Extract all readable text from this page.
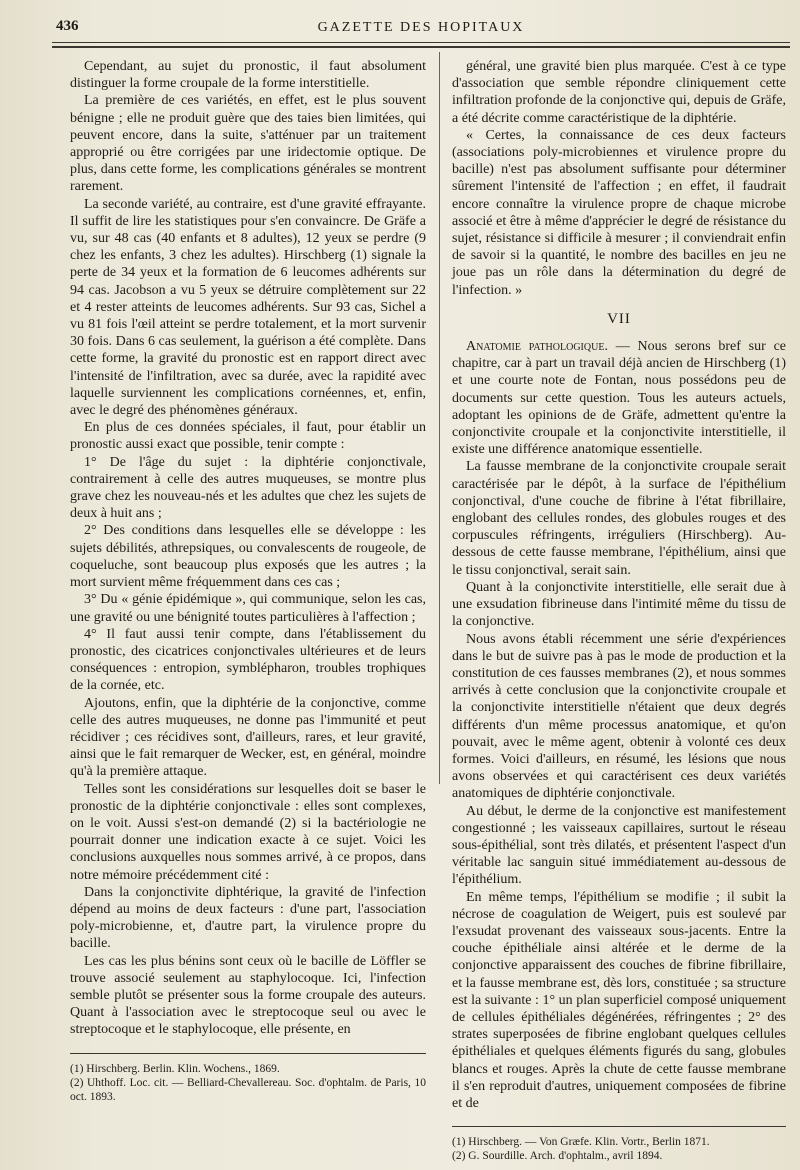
436	GAZETTE DES HOPITAUX

Cependant, au sujet du pronostic, il faut absolument distinguer la forme croupale de la forme interstitielle.

La première de ces variétés, en effet, est le plus souvent bénigne ; elle ne produit guère que des taies bien limitées, qui peuvent encore, dans la suite, s'atténuer par un traitement approprié ou être corrigées par une iridectomie optique. De plus, dans cette forme, les complications générales se montrent rarement.

La seconde variété, au contraire, est d'une gravité effrayante. Il suffit de lire les statistiques pour s'en convaincre. De Gräfe a vu, sur 48 cas (40 enfants et 8 adultes), 12 yeux se perdre (9 chez les enfants, 3 chez les adultes). Hirschberg (1) signale la perte de 34 yeux et la formation de 6 leucomes adhérents sur 94 cas. Jacobson a vu 5 yeux se détruire complètement sur 22 et 4 rester atteints de leucomes adhérents. Sur 93 cas, Sichel a vu 81 fois l'œil atteint se perdre totalement, et la mort survenir 30 fois. Dans 6 cas seulement, la guérison a été complète. Dans cette forme, la gravité du pronostic est en rapport direct avec l'intensité de l'infiltration, avec sa durée, avec la rapidité avec laquelle surviennent les complications cornéennes, et, enfin, avec le degré des phénomènes généraux.

En plus de ces données spéciales, il faut, pour établir un pronostic aussi exact que possible, tenir compte :

1° De l'âge du sujet : la diphtérie conjonctivale, contrairement à celle des autres muqueuses, se montre plus grave chez les nouveau-nés et les adultes que chez les sujets de deux à huit ans ;

2° Des conditions dans lesquelles elle se développe : les sujets débilités, athrepsiques, ou convalescents de rougeole, de coqueluche, sont beaucoup plus exposés que les autres ; la mort survient même fréquemment dans ces cas ;

3° Du « génie épidémique », qui communique, selon les cas, une gravité ou une bénignité toutes particulières à l'affection ;

4° Il faut aussi tenir compte, dans l'établissement du pronostic, des cicatrices conjonctivales ultérieures et de leurs conséquences : entropion, symblépharon, troubles trophiques de la cornée, etc.

Ajoutons, enfin, que la diphtérie de la conjonctive, comme celle des autres muqueuses, ne donne pas l'immunité et peut récidiver ; ces récidives sont, d'ailleurs, rares, et leur gravité, ainsi que le fait remarquer de Wecker, est, en général, moindre qu'à la première attaque.

Telles sont les considérations sur lesquelles doit se baser le pronostic de la diphtérie conjonctivale : elles sont complexes, on le voit. Aussi s'est-on demandé (2) si la bactériologie ne pourrait donner une indication exacte à ce sujet. Voici les conclusions auxquelles nous sommes arrivé, à ce propos, dans notre mémoire précédemment cité :

Dans la conjonctivite diphtérique, la gravité de l'infection dépend au moins de deux facteurs : d'une part, l'association poly-microbienne, et, d'autre part, la virulence propre du bacille.

Les cas les plus bénins sont ceux où le bacille de Löffler se trouve associé seulement au staphylocoque. Ici, l'infection semble plutôt se présenter sous la forme croupale des auteurs. Quant à l'association avec le streptocoque seul ou avec le streptocoque et le staphylocoque, elle présente, en

(1) Hirschberg. Berlin. Klin. Wochens., 1869.

(2) Uhthoff. Loc. cit. — Belliard-Chevallereau. Soc. d'ophtalm. de Paris, 10 oct. 1893.

général, une gravité bien plus marquée. C'est à ce type d'association que semble répondre cliniquement cette infiltration profonde de la conjonctive qui, depuis de Gräfe, a été décrite comme caractéristique de la diphtérie.

« Certes, la connaissance de ces deux facteurs (associations poly-microbiennes et virulence propre du bacille) n'est pas absolument suffisante pour déterminer sûrement l'intensité de l'affection ; en effet, il faudrait encore connaître la virulence propre de chaque microbe associé et être à même d'apprécier le degré de résistance du sujet, résistance si difficile à mesurer ; il conviendrait enfin de savoir si la quantité, le nombre des bacilles en jeu ne joue pas un rôle dans la détermination du degré de l'infection. »

VII

Anatomie pathologique. — Nous serons bref sur ce chapitre, car à part un travail déjà ancien de Hirschberg (1) et une courte note de Fontan, nous possédons peu de documents sur cette question. Tous les auteurs actuels, adoptant les opinions de de Gräfe, admettent qu'entre la conjonctivite croupale et la conjonctivite interstitielle, il existe une différence anatomique essentielle.

La fausse membrane de la conjonctivite croupale serait caractérisée par le dépôt, à la surface de l'épithélium conjonctival, d'une couche de fibrine à l'état fibrillaire, englobant des cellules rondes, des globules rouges et des corpuscules réfringents, irréguliers (Hirschberg). Au-dessous de cette fausse membrane, l'épithélium, ainsi que le tissu conjonctival, serait sain.

Quant à la conjonctivite interstitielle, elle serait due à une exsudation fibrineuse dans l'intimité même du tissu de la conjonctive.

Nous avons établi récemment une série d'expériences dans le but de suivre pas à pas le mode de production et la constitution de ces fausses membranes (2), et nous sommes arrivés à cette conclusion que la conjonctivite croupale et la conjonctivite interstitielle n'étaient que deux degrés différents d'un même processus anatomique, et qu'on pouvait, avec le même agent, obtenir à volonté ces deux formes. Voici d'ailleurs, en résumé, les lésions que nous avons observées et qui caractérisent ces deux variétés anatomiques de diphtérie conjonctivale.

Au début, le derme de la conjonctive est manifestement congestionné ; les vaisseaux capillaires, surtout le réseau sous-épithélial, sont très dilatés, et présentent l'aspect d'un véritable lac sanguin situé immédiatement au-dessous de l'épithélium.

En même temps, l'épithélium se modifie ; il subit la nécrose de coagulation de Weigert, puis est soulevé par l'exsudat provenant des vaisseaux sous-jacents. Entre la couche épithéliale ainsi altérée et le derme de la conjonctive apparaissent des couches de fibrine fibrillaire, et la fausse membrane est, dès lors, constituée ; sa structure est la suivante : 1° un plan superficiel composé uniquement de cellules épithéliales dégénérées, réfringentes ; 2° des strates superposées de fibrine englobant quelques cellules épithéliales et quelques éléments figurés du sang, globules blancs et rouges. Après la chute de cette fausse membrane il s'en reproduit d'autres, uniquement composées de fibrine et de

(1) Hirschberg. — Von Græfe. Klin. Vortr., Berlin 1871.

(2) G. Sourdille. Arch. d'ophtalm., avril 1894.
